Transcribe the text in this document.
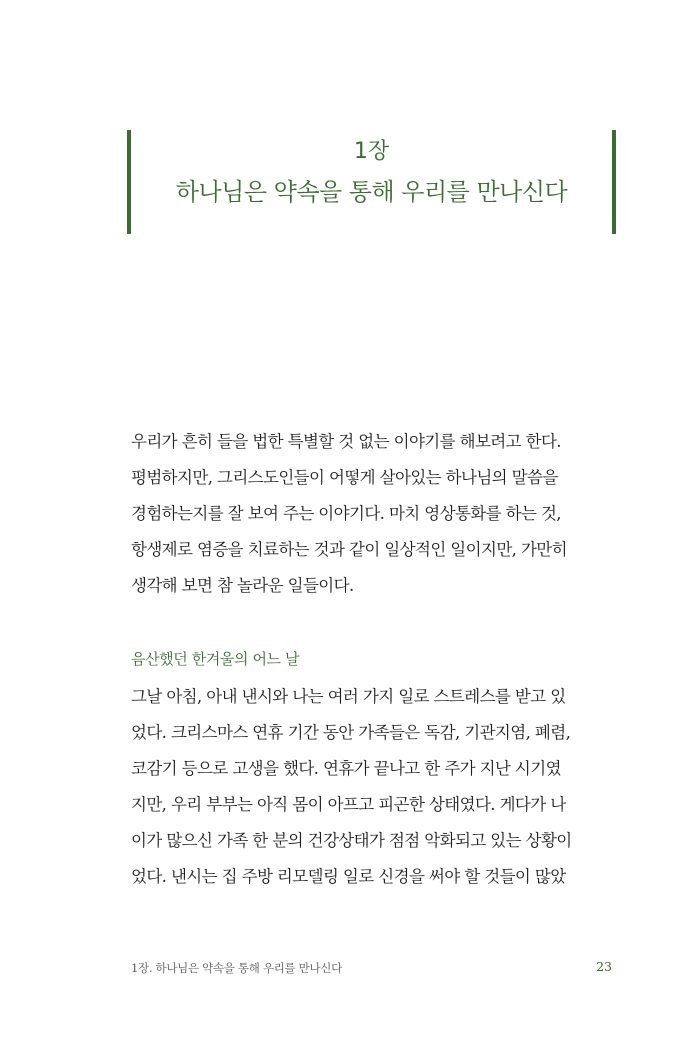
1장
하나님은 약속을 통해 우리를 만나신다

우리가 흔히 들을 법한 특별할 것 없는 이야기를 해보려고 한다.
평범하지만, 그리스도인들이 어떻게 살아있는 하나님의 말씀을
경험하는지를 잘 보여 주는 이야기다. 마치 영상통화를 하는 것,
항생제로 염증을 치료하는 것과 같이 일상적인 일이지만, 가만히
생각해 보면 참 놀라운 일들이다.

음산했던 한겨울의 어느 날

그날 아침, 아내 낸시와 나는 여러 가지 일로 스트레스를 받고 있
었다. 크리스마스 연휴 기간 동안 가족들은 독감, 기관지염, 폐렴,
코감기 등으로 고생을 했다. 연휴가 끝나고 한 주가 지난 시기였
지만, 우리 부부는 아직 몸이 아프고 피곤한 상태였다. 게다가 나
이가 많으신 가족 한 분의 건강상태가 점점 악화되고 있는 상황이
었다. 낸시는 집 주방 리모델링 일로 신경을 써야 할 것들이 많았

1장. 하나님은 약속을 통해 우리를 만나신다	23
